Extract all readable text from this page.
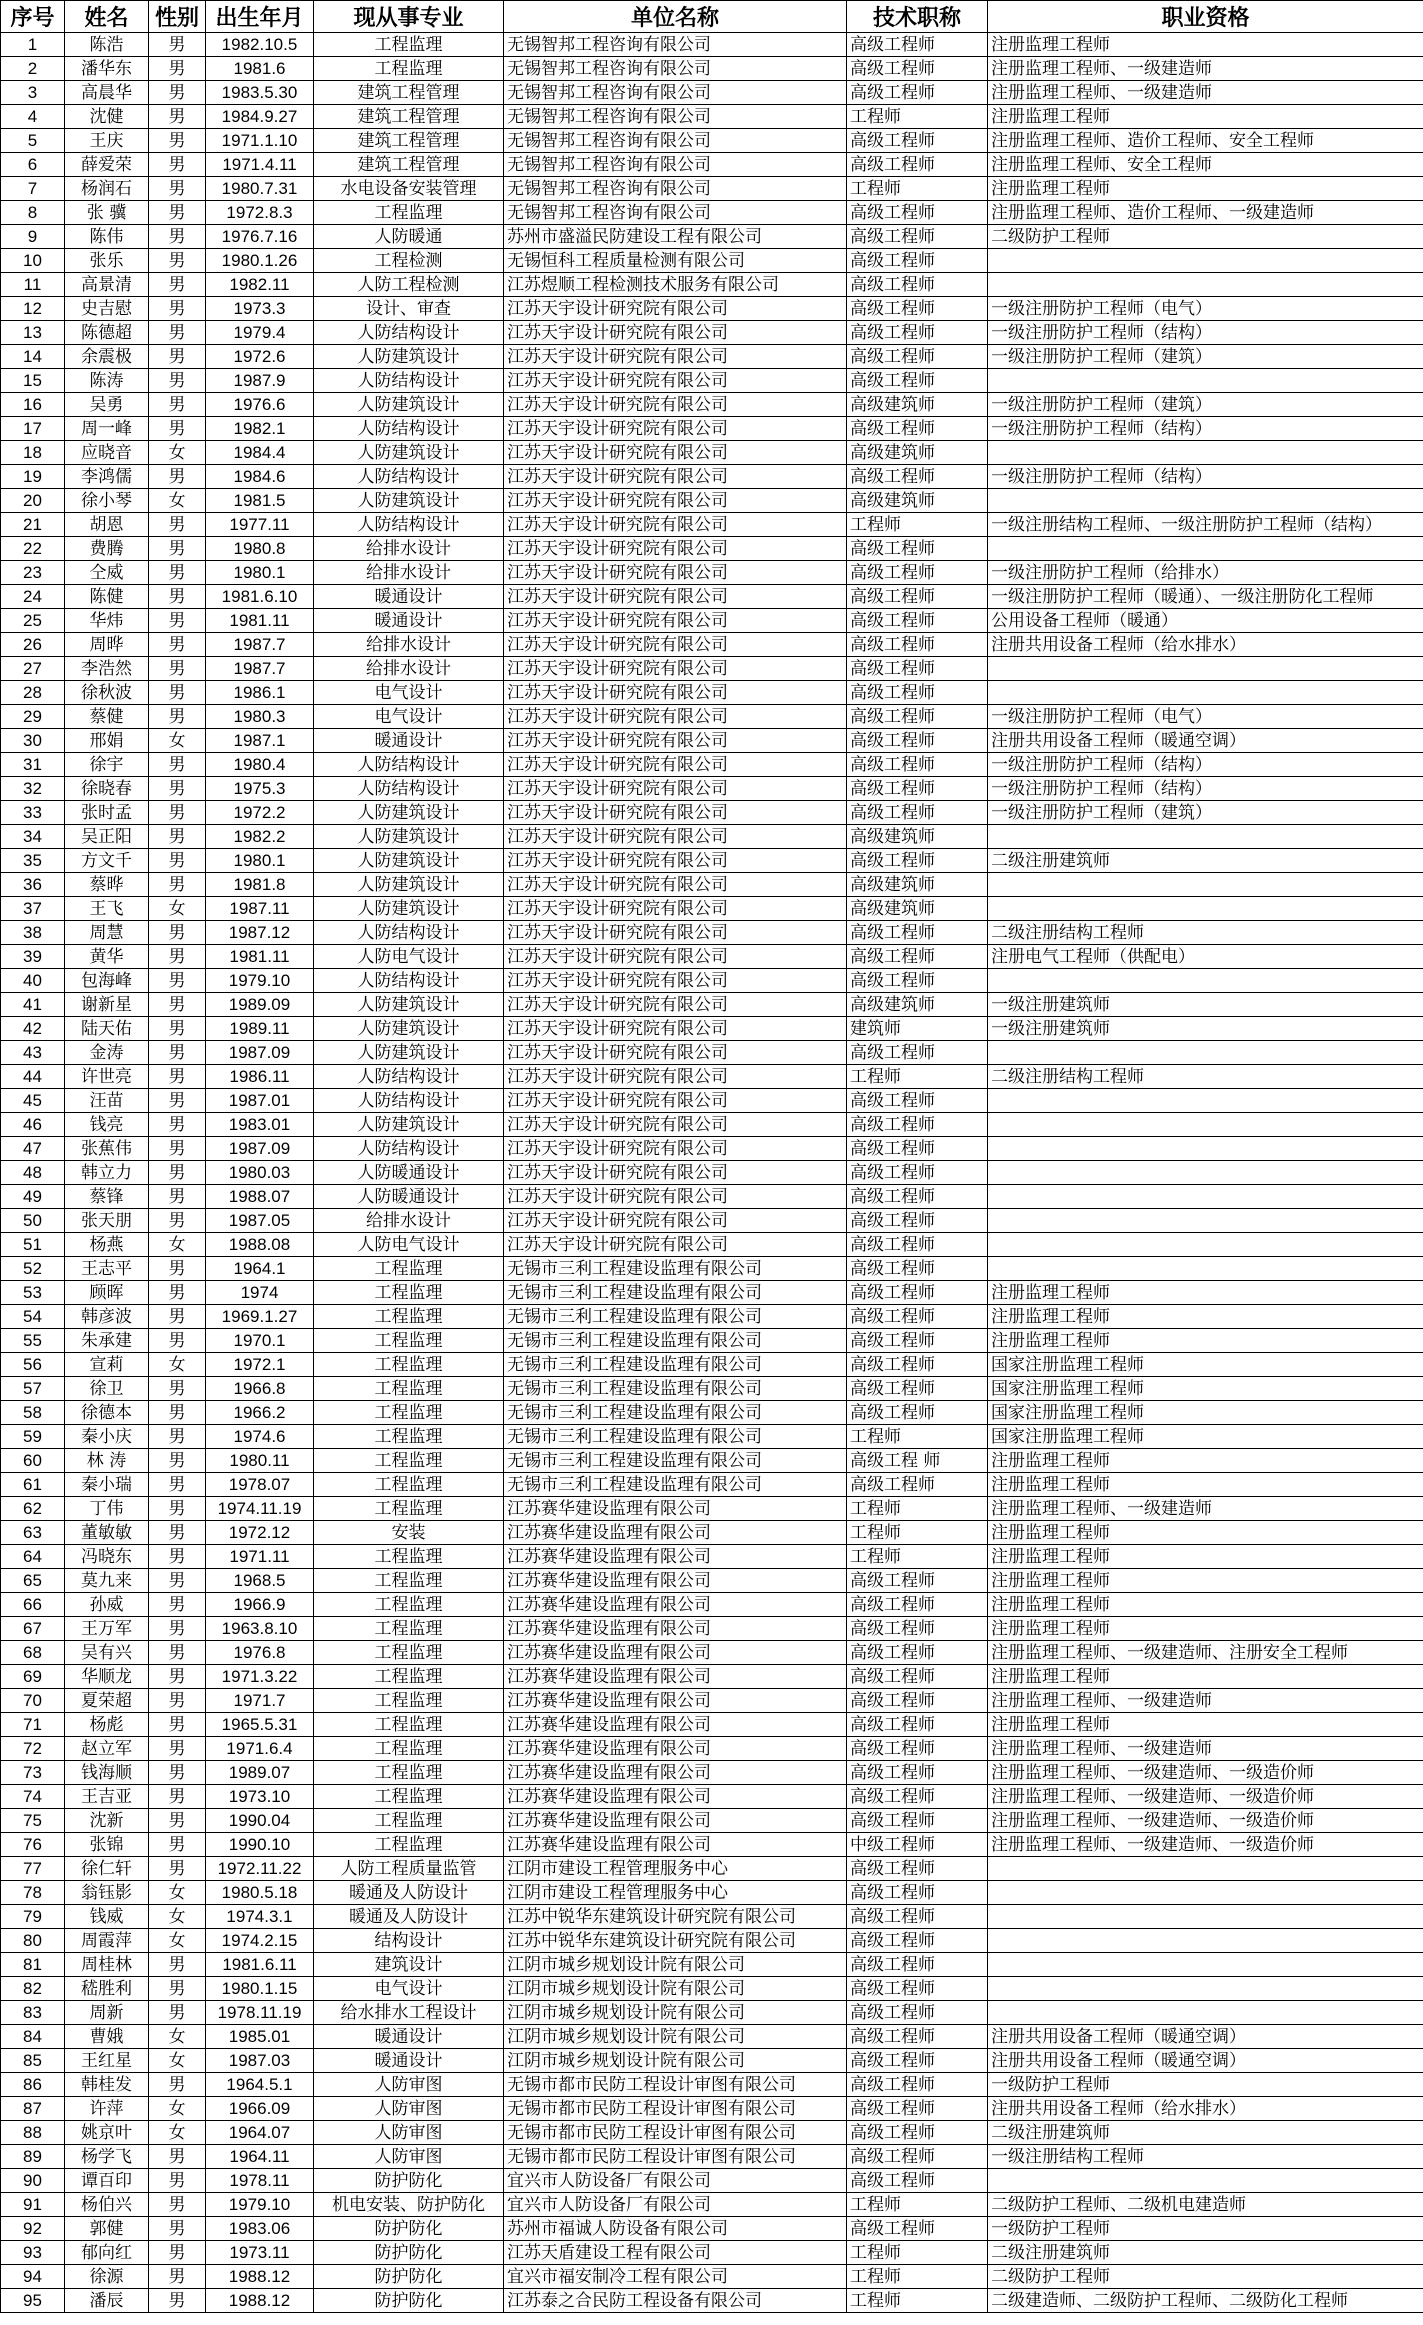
序号	姓名	性别	出生年月	现从事专业	单位名称	技术职称	职业资格
1	陈浩	男	1982.10.5	工程监理	无锡智邦工程咨询有限公司	高级工程师	注册监理工程师
2	潘华东	男	1981.6	工程监理	无锡智邦工程咨询有限公司	高级工程师	注册监理工程师、一级建造师
3	高晨华	男	1983.5.30	建筑工程管理	无锡智邦工程咨询有限公司	高级工程师	注册监理工程师、一级建造师
4	沈健	男	1984.9.27	建筑工程管理	无锡智邦工程咨询有限公司	工程师	注册监理工程师
5	王庆	男	1971.1.10	建筑工程管理	无锡智邦工程咨询有限公司	高级工程师	注册监理工程师、造价工程师、安全工程师
6	薛爱荣	男	1971.4.11	建筑工程管理	无锡智邦工程咨询有限公司	高级工程师	注册监理工程师、安全工程师
7	杨润石	男	1980.7.31	水电设备安装管理	无锡智邦工程咨询有限公司	工程师	注册监理工程师
8	张 骥	男	1972.8.3	工程监理	无锡智邦工程咨询有限公司	高级工程师	注册监理工程师、造价工程师、一级建造师
9	陈伟	男	1976.7.16	人防暖通	苏州市盛溢民防建设工程有限公司	高级工程师	二级防护工程师
10	张乐	男	1980.1.26	工程检测	无锡恒科工程质量检测有限公司	高级工程师	
11	高景清	男	1982.11	人防工程检测	江苏煜顺工程检测技术服务有限公司	高级工程师	
12	史吉慰	男	1973.3	设计、审查	江苏天宇设计研究院有限公司	高级工程师	一级注册防护工程师（电气）
13	陈德超	男	1979.4	人防结构设计	江苏天宇设计研究院有限公司	高级工程师	一级注册防护工程师（结构）
14	余震极	男	1972.6	人防建筑设计	江苏天宇设计研究院有限公司	高级工程师	一级注册防护工程师（建筑）
15	陈涛	男	1987.9	人防结构设计	江苏天宇设计研究院有限公司	高级工程师	
16	吴勇	男	1976.6	人防建筑设计	江苏天宇设计研究院有限公司	高级建筑师	一级注册防护工程师（建筑）
17	周一峰	男	1982.1	人防结构设计	江苏天宇设计研究院有限公司	高级工程师	一级注册防护工程师（结构）
18	应晓音	女	1984.4	人防建筑设计	江苏天宇设计研究院有限公司	高级建筑师	
19	李鸿儒	男	1984.6	人防结构设计	江苏天宇设计研究院有限公司	高级工程师	一级注册防护工程师（结构）
20	徐小琴	女	1981.5	人防建筑设计	江苏天宇设计研究院有限公司	高级建筑师	
21	胡恩	男	1977.11	人防结构设计	江苏天宇设计研究院有限公司	工程师	一级注册结构工程师、一级注册防护工程师（结构）
22	费腾	男	1980.8	给排水设计	江苏天宇设计研究院有限公司	高级工程师	
23	仝威	男	1980.1	给排水设计	江苏天宇设计研究院有限公司	高级工程师	一级注册防护工程师（给排水）
24	陈健	男	1981.6.10	暖通设计	江苏天宇设计研究院有限公司	高级工程师	一级注册防护工程师（暖通）、一级注册防化工程师
25	华炜	男	1981.11	暖通设计	江苏天宇设计研究院有限公司	高级工程师	公用设备工程师（暖通）
26	周晔	男	1987.7	给排水设计	江苏天宇设计研究院有限公司	高级工程师	注册共用设备工程师（给水排水）
27	李浩然	男	1987.7	给排水设计	江苏天宇设计研究院有限公司	高级工程师	
28	徐秋波	男	1986.1	电气设计	江苏天宇设计研究院有限公司	高级工程师	
29	蔡健	男	1980.3	电气设计	江苏天宇设计研究院有限公司	高级工程师	一级注册防护工程师（电气）
30	邢娟	女	1987.1	暖通设计	江苏天宇设计研究院有限公司	高级工程师	注册共用设备工程师（暖通空调）
31	徐宇	男	1980.4	人防结构设计	江苏天宇设计研究院有限公司	高级工程师	一级注册防护工程师（结构）
32	徐晓春	男	1975.3	人防结构设计	江苏天宇设计研究院有限公司	高级工程师	一级注册防护工程师（结构）
33	张时孟	男	1972.2	人防建筑设计	江苏天宇设计研究院有限公司	高级工程师	一级注册防护工程师（建筑）
34	吴正阳	男	1982.2	人防建筑设计	江苏天宇设计研究院有限公司	高级建筑师	
35	方文千	男	1980.1	人防建筑设计	江苏天宇设计研究院有限公司	高级工程师	二级注册建筑师
36	蔡晔	男	1981.8	人防建筑设计	江苏天宇设计研究院有限公司	高级建筑师	
37	王飞	女	1987.11	人防建筑设计	江苏天宇设计研究院有限公司	高级建筑师	
38	周慧	男	1987.12	人防结构设计	江苏天宇设计研究院有限公司	高级工程师	二级注册结构工程师
39	黄华	男	1981.11	人防电气设计	江苏天宇设计研究院有限公司	高级工程师	注册电气工程师（供配电）
40	包海峰	男	1979.10	人防结构设计	江苏天宇设计研究院有限公司	高级工程师	
41	谢新星	男	1989.09	人防建筑设计	江苏天宇设计研究院有限公司	高级建筑师	一级注册建筑师
42	陆天佑	男	1989.11	人防建筑设计	江苏天宇设计研究院有限公司	建筑师	一级注册建筑师
43	金涛	男	1987.09	人防建筑设计	江苏天宇设计研究院有限公司	高级工程师	
44	许世亮	男	1986.11	人防结构设计	江苏天宇设计研究院有限公司	工程师	二级注册结构工程师
45	汪苗	男	1987.01	人防结构设计	江苏天宇设计研究院有限公司	高级工程师	
46	钱亮	男	1983.01	人防建筑设计	江苏天宇设计研究院有限公司	高级工程师	
47	张蕉伟	男	1987.09	人防结构设计	江苏天宇设计研究院有限公司	高级工程师	
48	韩立力	男	1980.03	人防暖通设计	江苏天宇设计研究院有限公司	高级工程师	
49	蔡锋	男	1988.07	人防暖通设计	江苏天宇设计研究院有限公司	高级工程师	
50	张天朋	男	1987.05	给排水设计	江苏天宇设计研究院有限公司	高级工程师	
51	杨燕	女	1988.08	人防电气设计	江苏天宇设计研究院有限公司	高级工程师	
52	王志平	男	1964.1	工程监理	无锡市三利工程建设监理有限公司	高级工程师	
53	顾晖	男	1974	工程监理	无锡市三利工程建设监理有限公司	高级工程师	注册监理工程师
54	韩彦波	男	1969.1.27	工程监理	无锡市三利工程建设监理有限公司	高级工程师	注册监理工程师
55	朱承建	男	1970.1	工程监理	无锡市三利工程建设监理有限公司	高级工程师	注册监理工程师
56	宣莉	女	1972.1	工程监理	无锡市三利工程建设监理有限公司	高级工程师	国家注册监理工程师
57	徐卫	男	1966.8	工程监理	无锡市三利工程建设监理有限公司	高级工程师	国家注册监理工程师
58	徐德本	男	1966.2	工程监理	无锡市三利工程建设监理有限公司	高级工程师	国家注册监理工程师
59	秦小庆	男	1974.6	工程监理	无锡市三利工程建设监理有限公司	工程师	国家注册监理工程师
60	林 涛	男	1980.11	工程监理	无锡市三利工程建设监理有限公司	高级工程 师	注册监理工程师
61	秦小瑞	男	1978.07	工程监理	无锡市三利工程建设监理有限公司	高级工程师	注册监理工程师
62	丁伟	男	1974.11.19	工程监理	江苏赛华建设监理有限公司	工程师	注册监理工程师、一级建造师
63	董敏敏	男	1972.12	安装	江苏赛华建设监理有限公司	工程师	注册监理工程师
64	冯晓东	男	1971.11	工程监理	江苏赛华建设监理有限公司	工程师	注册监理工程师
65	莫九来	男	1968.5	工程监理	江苏赛华建设监理有限公司	高级工程师	注册监理工程师
66	孙威	男	1966.9	工程监理	江苏赛华建设监理有限公司	高级工程师	注册监理工程师
67	王万军	男	1963.8.10	工程监理	江苏赛华建设监理有限公司	高级工程师	注册监理工程师
68	吴有兴	男	1976.8	工程监理	江苏赛华建设监理有限公司	高级工程师	注册监理工程师、一级建造师、注册安全工程师
69	华顺龙	男	1971.3.22	工程监理	江苏赛华建设监理有限公司	高级工程师	注册监理工程师
70	夏荣超	男	1971.7	工程监理	江苏赛华建设监理有限公司	高级工程师	注册监理工程师、一级建造师
71	杨彪	男	1965.5.31	工程监理	江苏赛华建设监理有限公司	高级工程师	注册监理工程师
72	赵立军	男	1971.6.4	工程监理	江苏赛华建设监理有限公司	高级工程师	注册监理工程师、一级建造师
73	钱海顺	男	1989.07	工程监理	江苏赛华建设监理有限公司	高级工程师	注册监理工程师、一级建造师、一级造价师
74	王吉亚	男	1973.10	工程监理	江苏赛华建设监理有限公司	高级工程师	注册监理工程师、一级建造师、一级造价师
75	沈新	男	1990.04	工程监理	江苏赛华建设监理有限公司	高级工程师	注册监理工程师、一级建造师、一级造价师
76	张锦	男	1990.10	工程监理	江苏赛华建设监理有限公司	中级工程师	注册监理工程师、一级建造师、一级造价师
77	徐仁轩	男	1972.11.22	人防工程质量监管	江阴市建设工程管理服务中心	高级工程师	
78	翁钰影	女	1980.5.18	暖通及人防设计	江阴市建设工程管理服务中心	高级工程师	
79	钱威	女	1974.3.1	暖通及人防设计	江苏中锐华东建筑设计研究院有限公司	高级工程师	
80	周霞萍	女	1974.2.15	结构设计	江苏中锐华东建筑设计研究院有限公司	高级工程师	
81	周桂林	男	1981.6.11	建筑设计	江阴市城乡规划设计院有限公司	高级工程师	
82	嵇胜利	男	1980.1.15	电气设计	江阴市城乡规划设计院有限公司	高级工程师	
83	周新	男	1978.11.19	给水排水工程设计	江阴市城乡规划设计院有限公司	高级工程师	
84	曹娥	女	1985.01	暖通设计	江阴市城乡规划设计院有限公司	高级工程师	注册共用设备工程师（暖通空调）
85	王红星	女	1987.03	暖通设计	江阴市城乡规划设计院有限公司	高级工程师	注册共用设备工程师（暖通空调）
86	韩桂发	男	1964.5.1	人防审图	无锡市都市民防工程设计审图有限公司	高级工程师	一级防护工程师
87	许萍	女	1966.09	人防审图	无锡市都市民防工程设计审图有限公司	高级工程师	注册共用设备工程师（给水排水）
88	姚京叶	女	1964.07	人防审图	无锡市都市民防工程设计审图有限公司	高级工程师	二级注册建筑师
89	杨学飞	男	1964.11	人防审图	无锡市都市民防工程设计审图有限公司	高级工程师	一级注册结构工程师
90	谭百印	男	1978.11	防护防化	宜兴市人防设备厂有限公司	高级工程师	
91	杨伯兴	男	1979.10	机电安装、防护防化	宜兴市人防设备厂有限公司	工程师	二级防护工程师、二级机电建造师
92	郭健	男	1983.06	防护防化	苏州市福诚人防设备有限公司	高级工程师	一级防护工程师
93	郁向红	男	1973.11	防护防化	江苏天盾建设工程有限公司	工程师	二级注册建筑师
94	徐源	男	1988.12	防护防化	宜兴市福安制冷工程有限公司	工程师	二级防护工程师
95	潘辰	男	1988.12	防护防化	江苏泰之合民防工程设备有限公司	工程师	二级建造师、二级防护工程师、二级防化工程师
